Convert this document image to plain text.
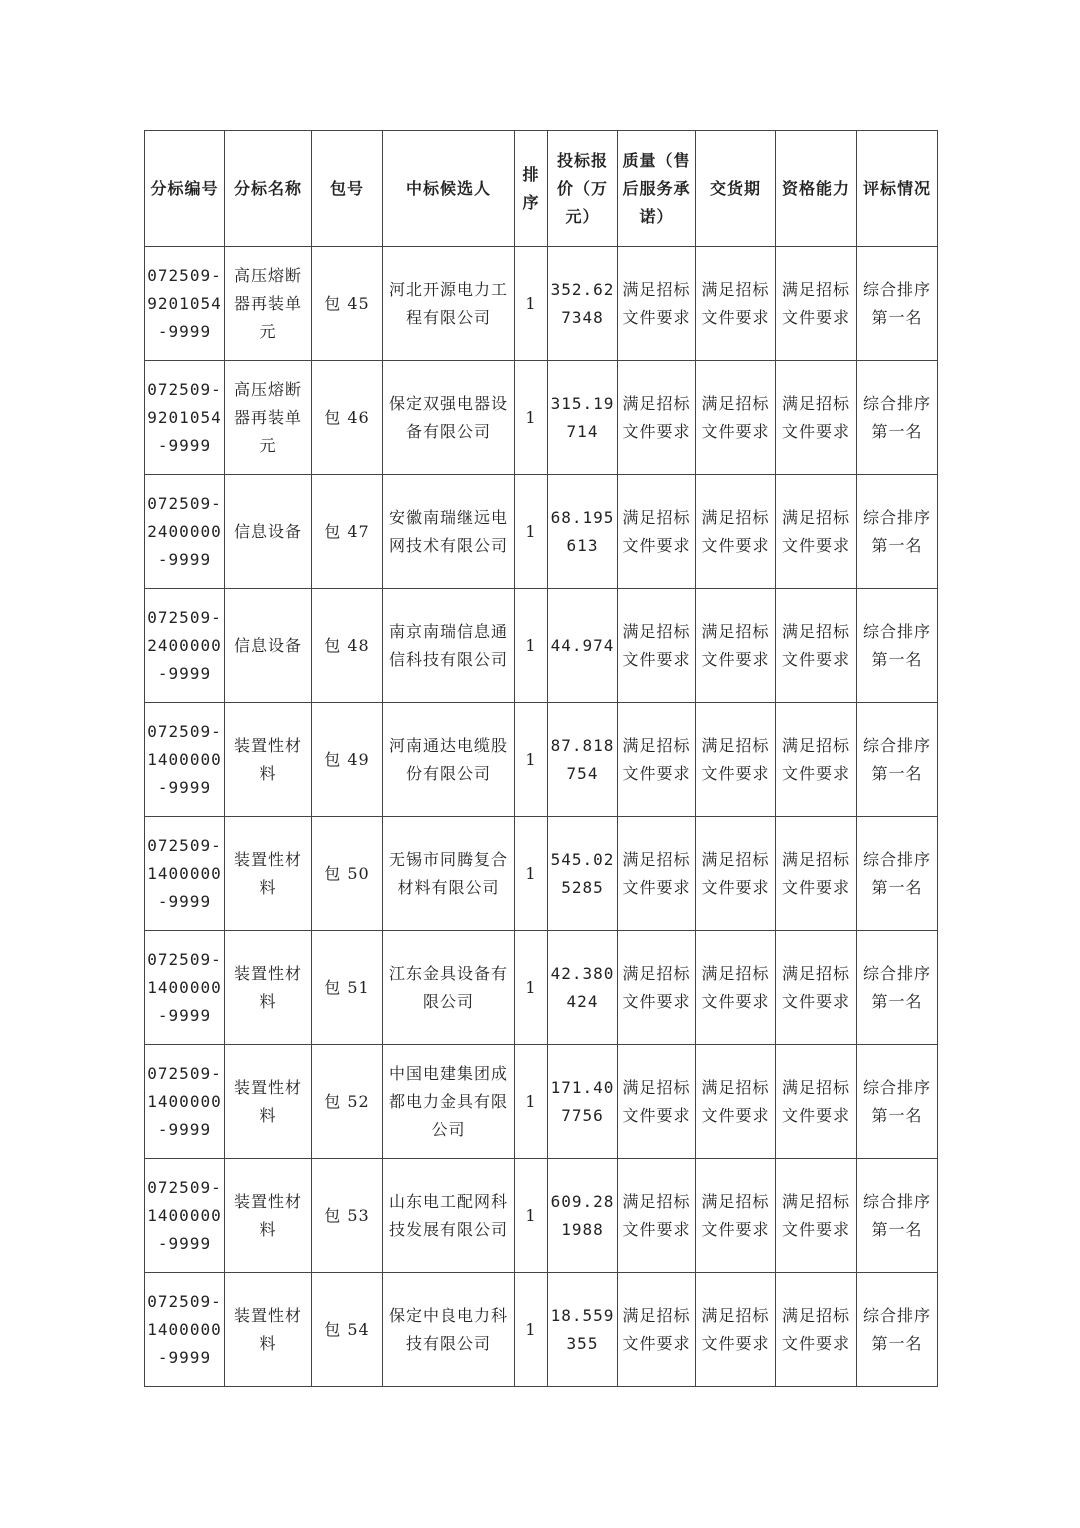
分标编号	分标名称	包号	中标候选人	排序	投标报价（万元）	质量（售后服务承诺）	交货期	资格能力	评标情况
072509-9201054-9999	高压熔断器再装单元	包 45	河北开源电力工程有限公司	1	352.627348	满足招标文件要求	满足招标文件要求	满足招标文件要求	综合排序第一名
072509-9201054-9999	高压熔断器再装单元	包 46	保定双强电器设备有限公司	1	315.19714	满足招标文件要求	满足招标文件要求	满足招标文件要求	综合排序第一名
072509-2400000-9999	信息设备	包 47	安徽南瑞继远电网技术有限公司	1	68.195613	满足招标文件要求	满足招标文件要求	满足招标文件要求	综合排序第一名
072509-2400000-9999	信息设备	包 48	南京南瑞信息通信科技有限公司	1	44.974	满足招标文件要求	满足招标文件要求	满足招标文件要求	综合排序第一名
072509-1400000-9999	装置性材料	包 49	河南通达电缆股份有限公司	1	87.818754	满足招标文件要求	满足招标文件要求	满足招标文件要求	综合排序第一名
072509-1400000-9999	装置性材料	包 50	无锡市同腾复合材料有限公司	1	545.025285	满足招标文件要求	满足招标文件要求	满足招标文件要求	综合排序第一名
072509-1400000-9999	装置性材料	包 51	江东金具设备有限公司	1	42.380424	满足招标文件要求	满足招标文件要求	满足招标文件要求	综合排序第一名
072509-1400000-9999	装置性材料	包 52	中国电建集团成都电力金具有限公司	1	171.407756	满足招标文件要求	满足招标文件要求	满足招标文件要求	综合排序第一名
072509-1400000-9999	装置性材料	包 53	山东电工配网科技发展有限公司	1	609.281988	满足招标文件要求	满足招标文件要求	满足招标文件要求	综合排序第一名
072509-1400000-9999	装置性材料	包 54	保定中良电力科技有限公司	1	18.559355	满足招标文件要求	满足招标文件要求	满足招标文件要求	综合排序第一名
